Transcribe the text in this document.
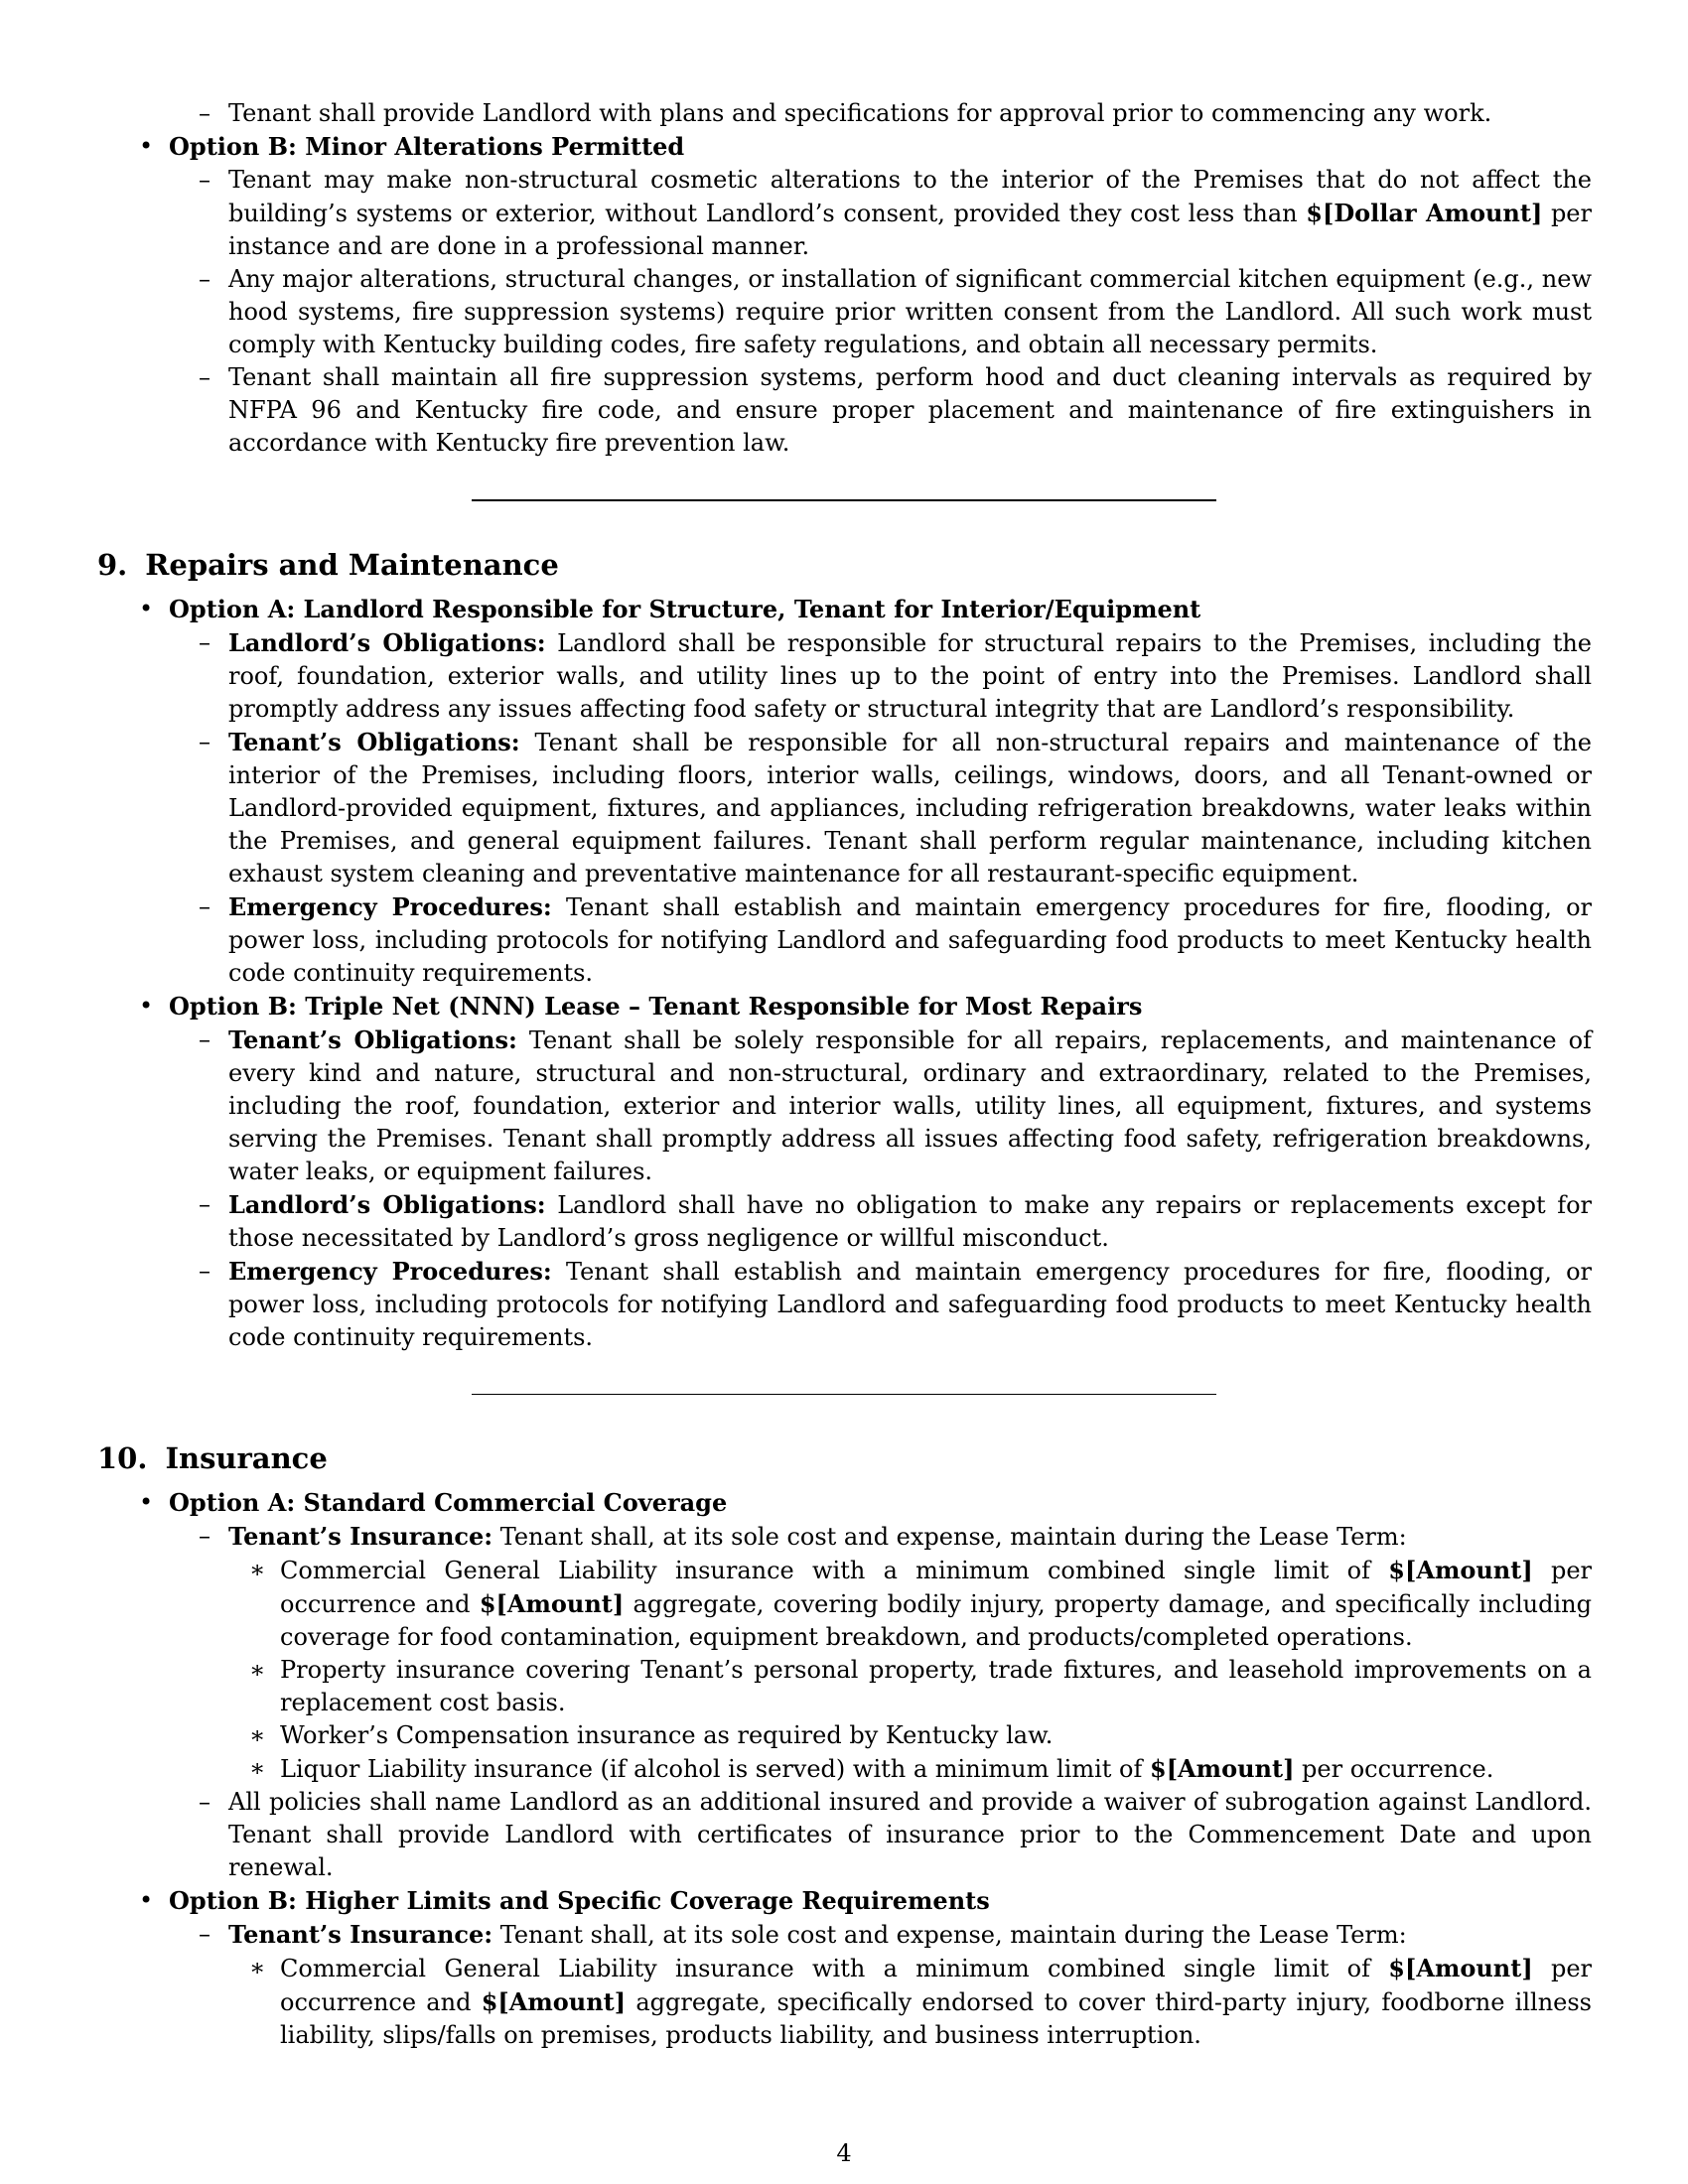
– Tenant shall provide Landlord with plans and specifications for approval prior to commencing any work.
• Option B: Minor Alterations Permitted
– Tenant may make non-structural cosmetic alterations to the interior of the Premises that do not affect the building’s systems or exterior, without Landlord’s consent, provided they cost less than $[Dollar Amount] per instance and are done in a professional manner.
– Any major alterations, structural changes, or installation of significant commercial kitchen equipment (e.g., new hood systems, fire suppression systems) require prior written consent from the Landlord. All such work must comply with Kentucky building codes, fire safety regulations, and obtain all necessary permits.
– Tenant shall maintain all fire suppression systems, perform hood and duct cleaning intervals as required by NFPA 96 and Kentucky fire code, and ensure proper placement and maintenance of fire extinguishers in accordance with Kentucky fire prevention law.
9. Repairs and Maintenance
• Option A: Landlord Responsible for Structure, Tenant for Interior/Equipment
– Landlord’s Obligations: Landlord shall be responsible for structural repairs to the Premises, including the roof, foundation, exterior walls, and utility lines up to the point of entry into the Premises. Landlord shall promptly address any issues affecting food safety or structural integrity that are Landlord’s responsibility.
– Tenant’s Obligations: Tenant shall be responsible for all non-structural repairs and maintenance of the interior of the Premises, including floors, interior walls, ceilings, windows, doors, and all Tenant-owned or Landlord-provided equipment, fixtures, and appliances, including refrigeration breakdowns, water leaks within the Premises, and general equipment failures. Tenant shall perform regular maintenance, including kitchen exhaust system cleaning and preventative maintenance for all restaurant-specific equipment.
– Emergency Procedures: Tenant shall establish and maintain emergency procedures for fire, flooding, or power loss, including protocols for notifying Landlord and safeguarding food products to meet Kentucky health code continuity requirements.
• Option B: Triple Net (NNN) Lease – Tenant Responsible for Most Repairs
– Tenant’s Obligations: Tenant shall be solely responsible for all repairs, replacements, and maintenance of every kind and nature, structural and non-structural, ordinary and extraordinary, related to the Premises, including the roof, foundation, exterior and interior walls, utility lines, all equipment, fixtures, and systems serving the Premises. Tenant shall promptly address all issues affecting food safety, refrigeration breakdowns, water leaks, or equipment failures.
– Landlord’s Obligations: Landlord shall have no obligation to make any repairs or replacements except for those necessitated by Landlord’s gross negligence or willful misconduct.
– Emergency Procedures: Tenant shall establish and maintain emergency procedures for fire, flooding, or power loss, including protocols for notifying Landlord and safeguarding food products to meet Kentucky health code continuity requirements.
10. Insurance
• Option A: Standard Commercial Coverage
– Tenant’s Insurance: Tenant shall, at its sole cost and expense, maintain during the Lease Term:
∗ Commercial General Liability insurance with a minimum combined single limit of $[Amount] per occurrence and $[Amount] aggregate, covering bodily injury, property damage, and specifically including coverage for food contamination, equipment breakdown, and products/completed operations.
∗ Property insurance covering Tenant’s personal property, trade fixtures, and leasehold improvements on a replacement cost basis.
∗ Worker’s Compensation insurance as required by Kentucky law.
∗ Liquor Liability insurance (if alcohol is served) with a minimum limit of $[Amount] per occurrence.
– All policies shall name Landlord as an additional insured and provide a waiver of subrogation against Landlord. Tenant shall provide Landlord with certificates of insurance prior to the Commencement Date and upon renewal.
• Option B: Higher Limits and Specific Coverage Requirements
– Tenant’s Insurance: Tenant shall, at its sole cost and expense, maintain during the Lease Term:
∗ Commercial General Liability insurance with a minimum combined single limit of $[Amount] per occurrence and $[Amount] aggregate, specifically endorsed to cover third-party injury, foodborne illness liability, slips/falls on premises, products liability, and business interruption.
4
